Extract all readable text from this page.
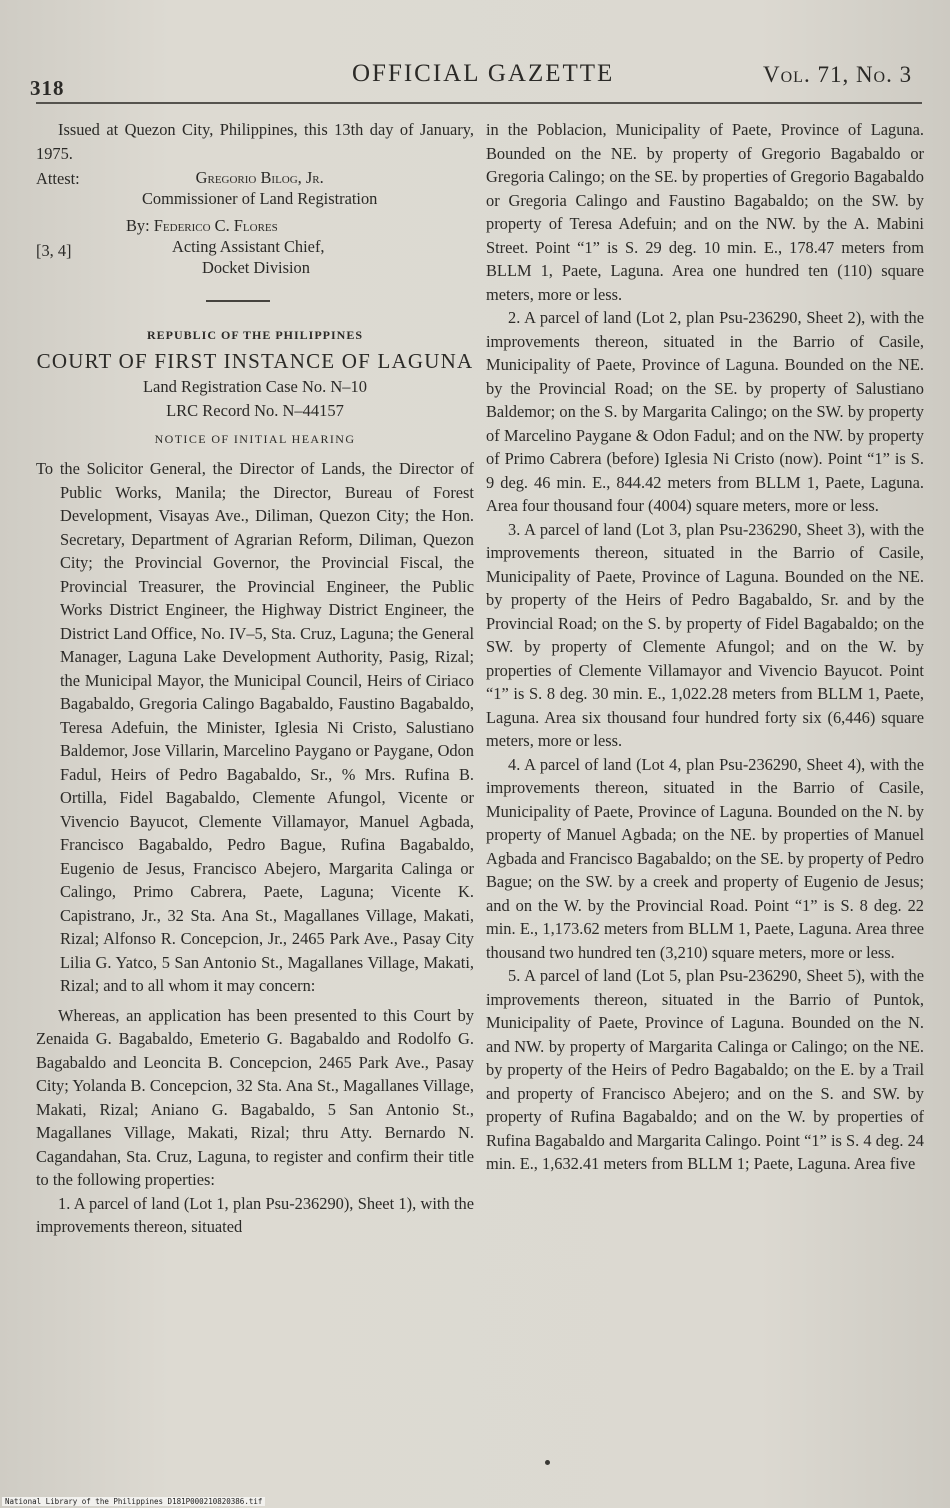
318
OFFICIAL GAZETTE	Vol. 71, No. 3

Issued at Quezon City, Philippines, this 13th day of January, 1975.

Attest:	Gregorio Bilog, Jr.
Commissioner of Land Registration
[3, 4]
By: Federico C. Flores
Acting Assistant Chief,
Docket Division
REPUBLIC OF THE PHILIPPINES
COURT OF FIRST INSTANCE OF LAGUNA
Land Registration Case No. N–10
LRC Record No. N–44157
NOTICE OF INITIAL HEARING

To the Solicitor General, the Director of Lands, the Director of Public Works, Manila; the Director, Bureau of Forest Development, Visayas Ave., Diliman, Quezon City; the Hon. Secretary, Department of Agrarian Reform, Diliman, Quezon City; the Provincial Governor, the Provincial Fiscal, the Provincial Treasurer, the Provincial Engineer, the Public Works District Engineer, the Highway District Engineer, the District Land Office, No. IV–5, Sta. Cruz, Laguna; the General Manager, Laguna Lake Development Authority, Pasig, Rizal; the Municipal Mayor, the Municipal Council, Heirs of Ciriaco Bagabaldo, Gregoria Calingo Bagabaldo, Faustino Bagabaldo, Teresa Adefuin, the Minister, Iglesia Ni Cristo, Salustiano Baldemor, Jose Villarin, Marcelino Paygano or Paygane, Odon Fadul, Heirs of Pedro Bagabaldo, Sr., % Mrs. Rufina B. Ortilla, Fidel Bagabaldo, Clemente Afungol, Vicente or Vivencio Bayucot, Clemente Villamayor, Manuel Agbada, Francisco Bagabaldo, Pedro Bague, Rufina Bagabaldo, Eugenio de Jesus, Francisco Abejero, Margarita Calinga or Calingo, Primo Cabrera, Paete, Laguna; Vicente K. Capistrano, Jr., 32 Sta. Ana St., Magallanes Village, Makati, Rizal; Alfonso R. Concepcion, Jr., 2465 Park Ave., Pasay City Lilia G. Yatco, 5 San Antonio St., Magallanes Village, Makati, Rizal; and to all whom it may concern:

Whereas, an application has been presented to this Court by Zenaida G. Bagabaldo, Emeterio G. Bagabaldo and Rodolfo G. Bagabaldo and Leoncita B. Concepcion, 2465 Park Ave., Pasay City; Yolanda B. Concepcion, 32 Sta. Ana St., Magallanes Village, Makati, Rizal; Aniano G. Bagabaldo, 5 San Antonio St., Magallanes Village, Makati, Rizal; thru Atty. Bernardo N. Cagandahan, Sta. Cruz, Laguna, to register and confirm their title to the following properties:

1. A parcel of land (Lot 1, plan Psu-236290), Sheet 1), with the improvements thereon, situated

in the Poblacion, Municipality of Paete, Province of Laguna. Bounded on the NE. by property of Gregorio Bagabaldo or Gregoria Calingo; on the SE. by properties of Gregorio Bagabaldo or Gregoria Calingo and Faustino Bagabaldo; on the SW. by property of Teresa Adefuin; and on the NW. by the A. Mabini Street. Point “1” is S. 29 deg. 10 min. E., 178.47 meters from BLLM 1, Paete, Laguna. Area one hundred ten (110) square meters, more or less.

2. A parcel of land (Lot 2, plan Psu-236290, Sheet 2), with the improvements thereon, situated in the Barrio of Casile, Municipality of Paete, Province of Laguna. Bounded on the NE. by the Provincial Road; on the SE. by property of Salustiano Baldemor; on the S. by Margarita Calingo; on the SW. by property of Marcelino Paygane & Odon Fadul; and on the NW. by property of Primo Cabrera (before) Iglesia Ni Cristo (now). Point “1” is S. 9 deg. 46 min. E., 844.42 meters from BLLM 1, Paete, Laguna. Area four thousand four (4004) square meters, more or less.

3. A parcel of land (Lot 3, plan Psu-236290, Sheet 3), with the improvements thereon, situated in the Barrio of Casile, Municipality of Paete, Province of Laguna. Bounded on the NE. by property of the Heirs of Pedro Bagabaldo, Sr. and by the Provincial Road; on the S. by property of Fidel Bagabaldo; on the SW. by property of Clemente Afungol; and on the W. by properties of Clemente Villamayor and Vivencio Bayucot. Point “1” is S. 8 deg. 30 min. E., 1,022.28 meters from BLLM 1, Paete, Laguna. Area six thousand four hundred forty six (6,446) square meters, more or less.

4. A parcel of land (Lot 4, plan Psu-236290, Sheet 4), with the improvements thereon, situated in the Barrio of Casile, Municipality of Paete, Province of Laguna. Bounded on the N. by property of Manuel Agbada; on the NE. by properties of Manuel Agbada and Francisco Bagabaldo; on the SE. by property of Pedro Bague; on the SW. by a creek and property of Eugenio de Jesus; and on the W. by the Provincial Road. Point “1” is S. 8 deg. 22 min. E., 1,173.62 meters from BLLM 1, Paete, Laguna. Area three thousand two hundred ten (3,210) square meters, more or less.

5. A parcel of land (Lot 5, plan Psu-236290, Sheet 5), with the improvements thereon, situated in the Barrio of Puntok, Municipality of Paete, Province of Laguna. Bounded on the N. and NW. by property of Margarita Calinga or Calingo; on the NE. by property of the Heirs of Pedro Bagabaldo; on the E. by a Trail and property of Francisco Abejero; and on the S. and SW. by property of Rufina Bagabaldo; and on the W. by properties of Rufina Bagabaldo and Margarita Calingo. Point “1” is S. 4 deg. 24 min. E., 1,632.41 meters from BLLM 1; Paete, Laguna. Area five

National Library of the Philippines D181P000210820386.tif
